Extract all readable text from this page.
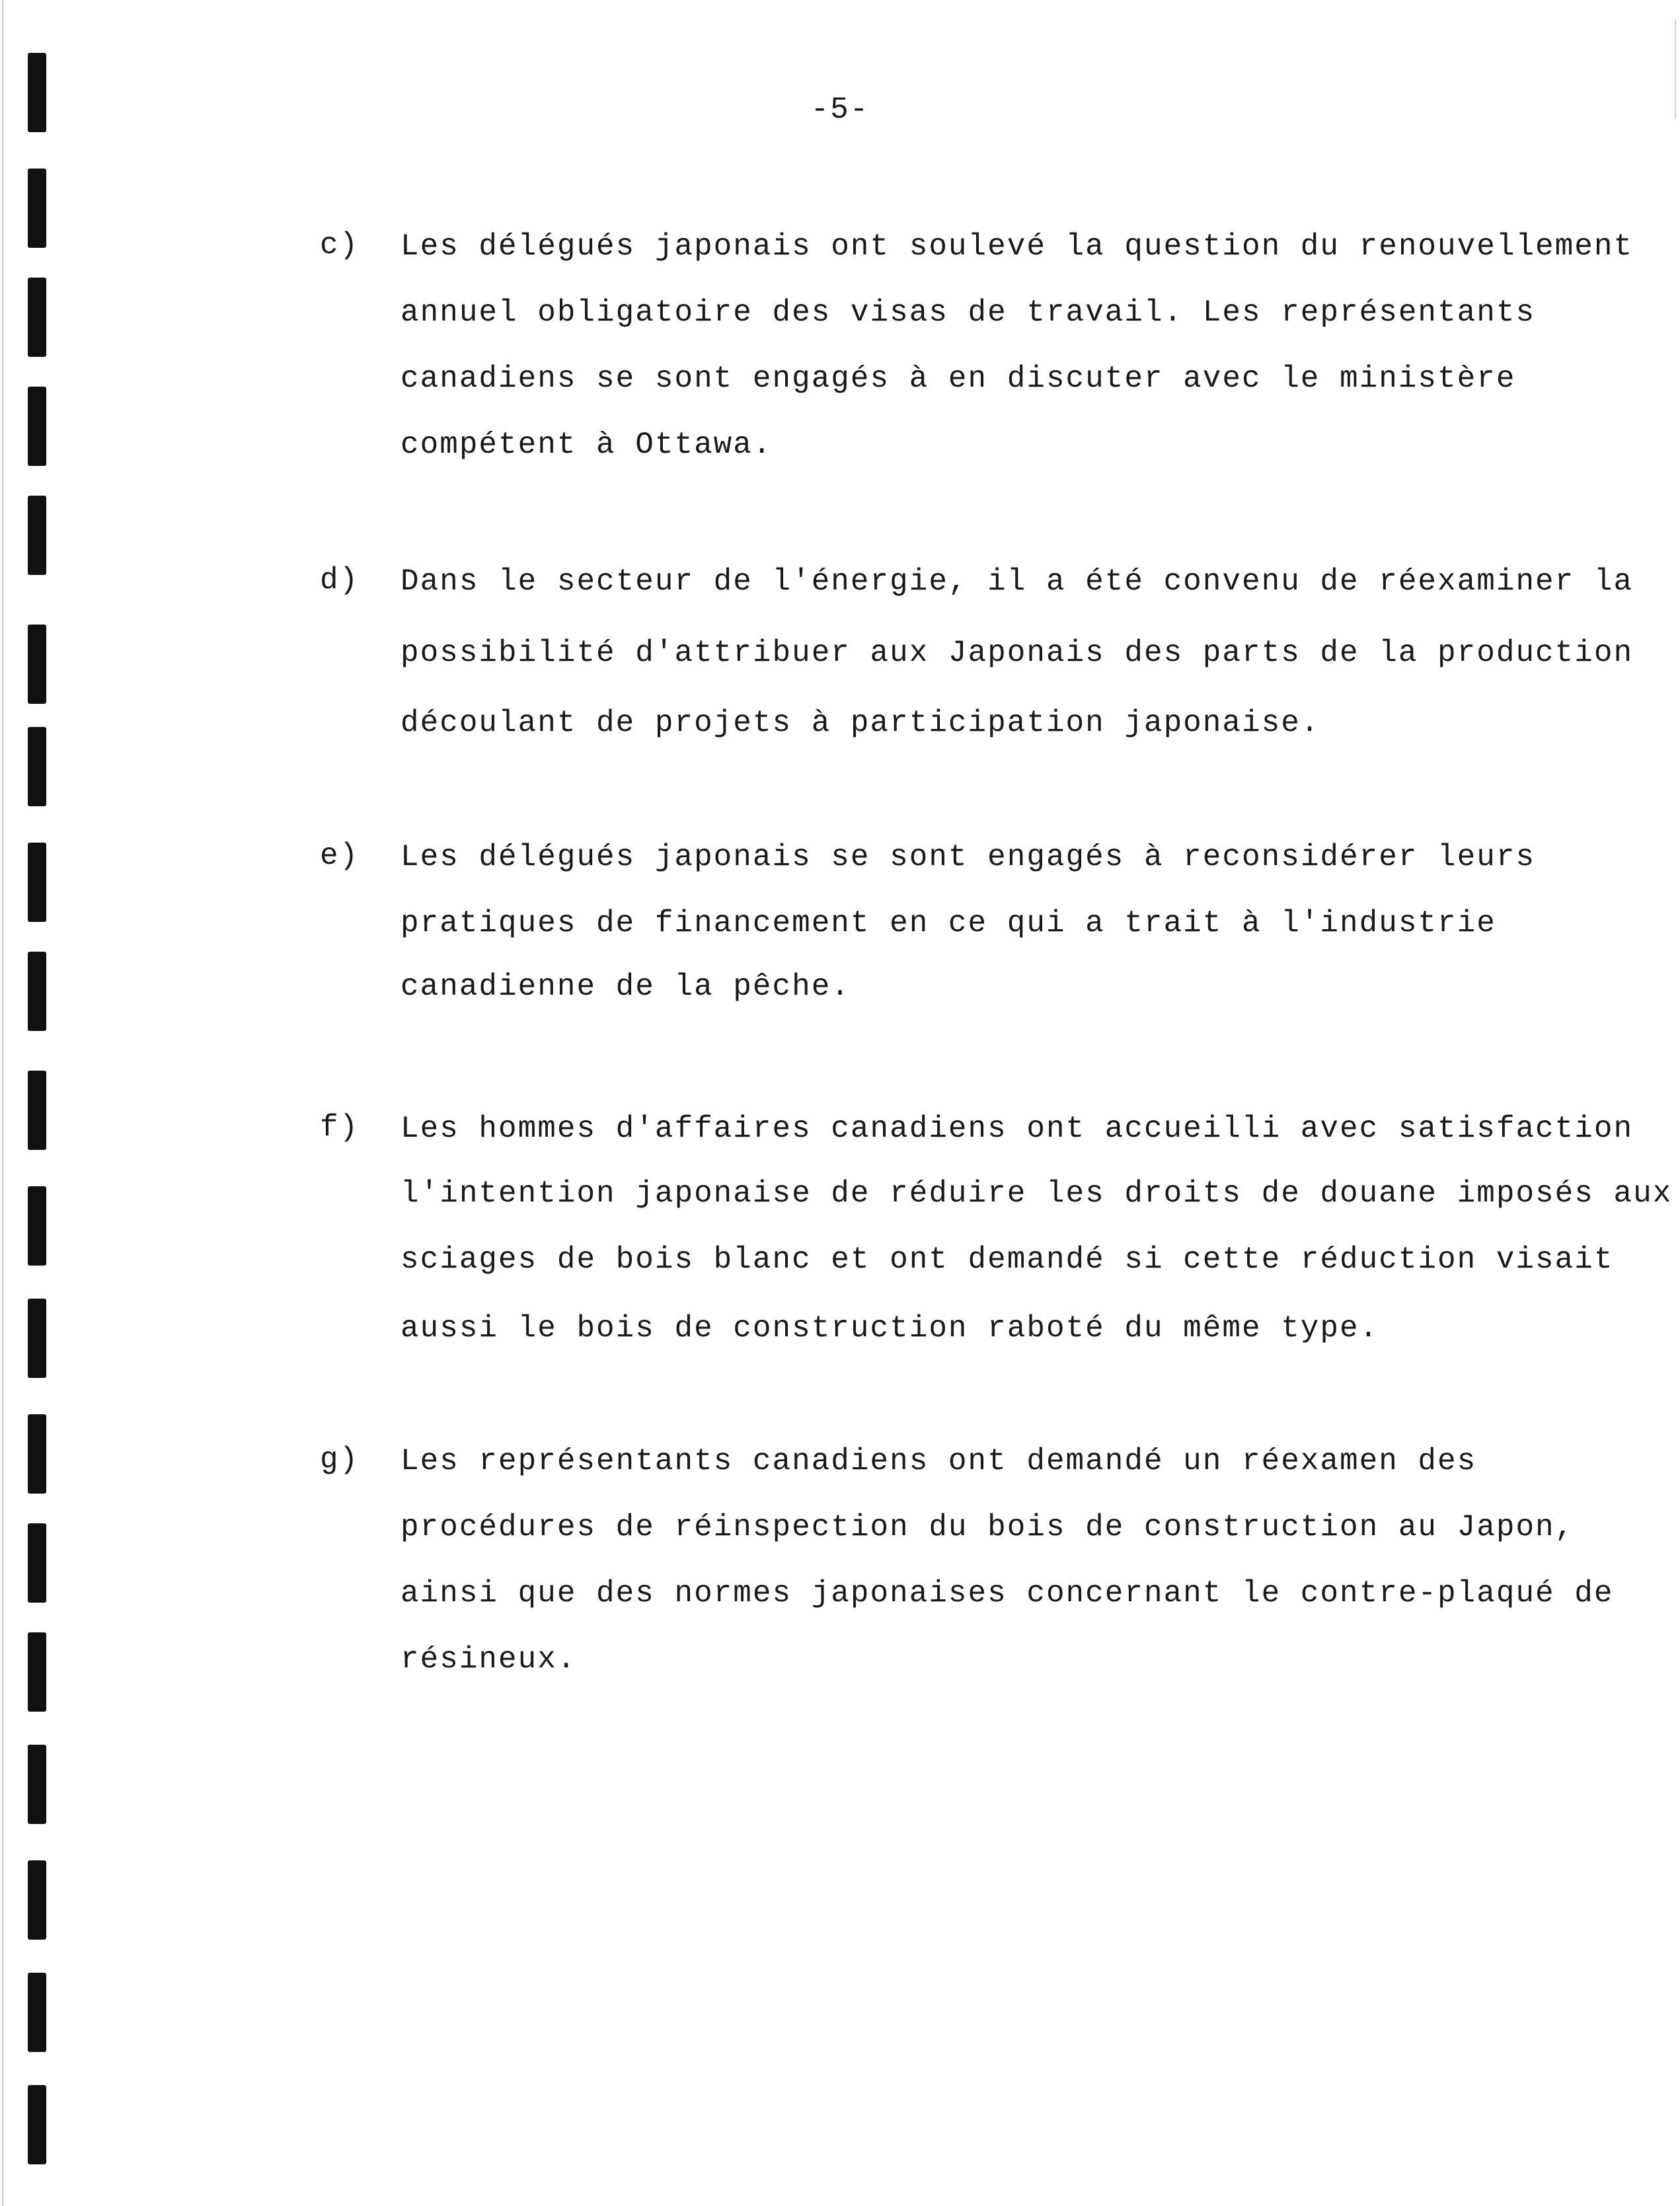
-5-
c) Les délégués japonais ont soulevé la question du renouvellement
annuel obligatoire des visas de travail. Les représentants
canadiens se sont engagés à en discuter avec le ministère
compétent à Ottawa.
d) Dans le secteur de l'énergie, il a été convenu de réexaminer la
possibilité d'attribuer aux Japonais des parts de la production
découlant de projets à participation japonaise.
e) Les délégués japonais se sont engagés à reconsidérer leurs
pratiques de financement en ce qui a trait à l'industrie
canadienne de la pêche.
f) Les hommes d'affaires canadiens ont accueilli avec satisfaction
l'intention japonaise de réduire les droits de douane imposés aux
sciages de bois blanc et ont demandé si cette réduction visait
aussi le bois de construction raboté du même type.
g) Les représentants canadiens ont demandé un réexamen des
procédures de réinspection du bois de construction au Japon,
ainsi que des normes japonaises concernant le contre-plaqué de
résineux.
